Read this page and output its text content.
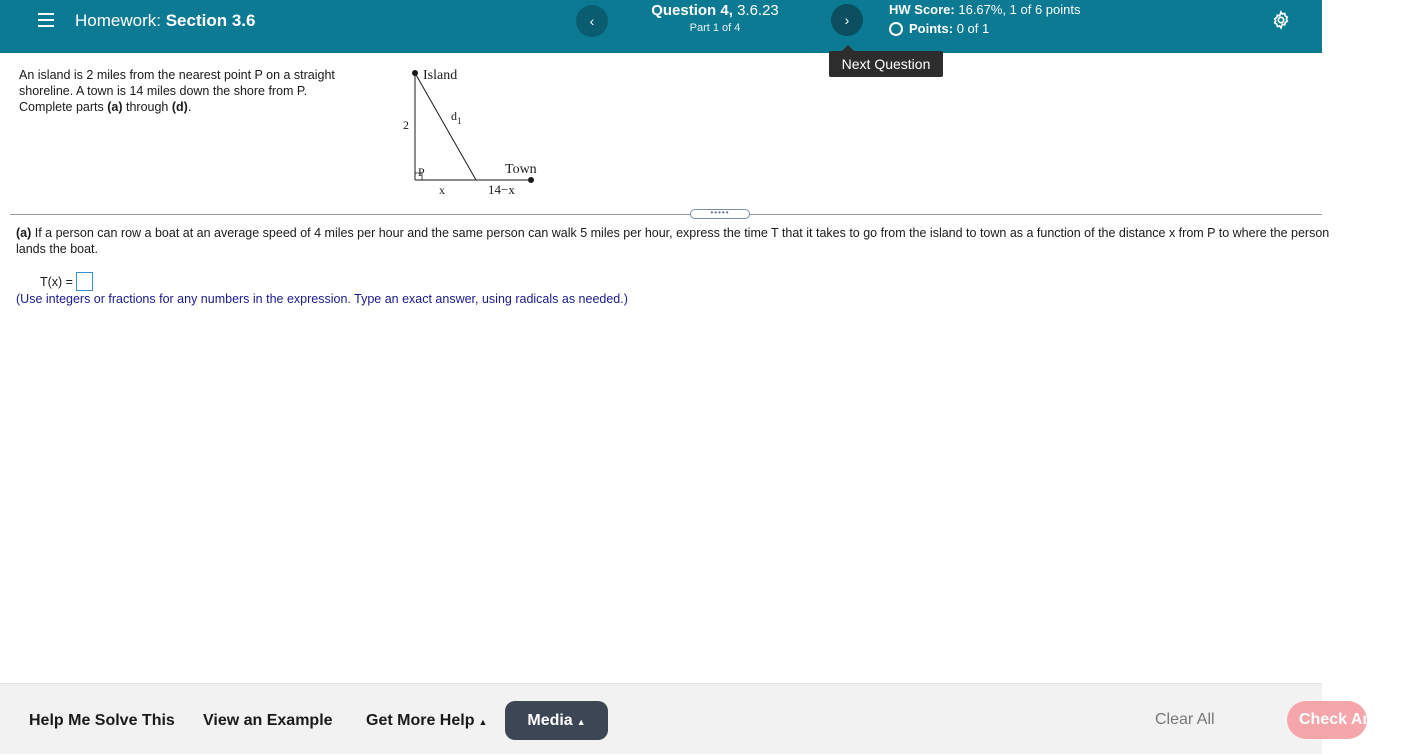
Homework: Section 3.6	‹
Question 4, 3.6.23
Part 1 of 4	›
HW Score: 16.67%, 1 of 6 points
Points:
0 of 1
Next Question
An island is 2 miles from the nearest point P on a straight shoreline. A town is 14 miles down the shore from P. Complete parts (a) through (d).
Island
$d_1$
2
P	Town
x	14−x
•••••
(a) If a person can row a boat at an average speed of 4 miles per hour and the same person can walk 5 miles per hour, express the time T that it takes to go from the island to town as a function of the distance x from P to where the person lands the boat.
T(x) =
(Use integers or fractions for any numbers in the expression. Type an exact answer, using radicals as needed.)
Help Me Solve This View an Example Get More Help ▲	Media ▲	Clear All	Check Answer
